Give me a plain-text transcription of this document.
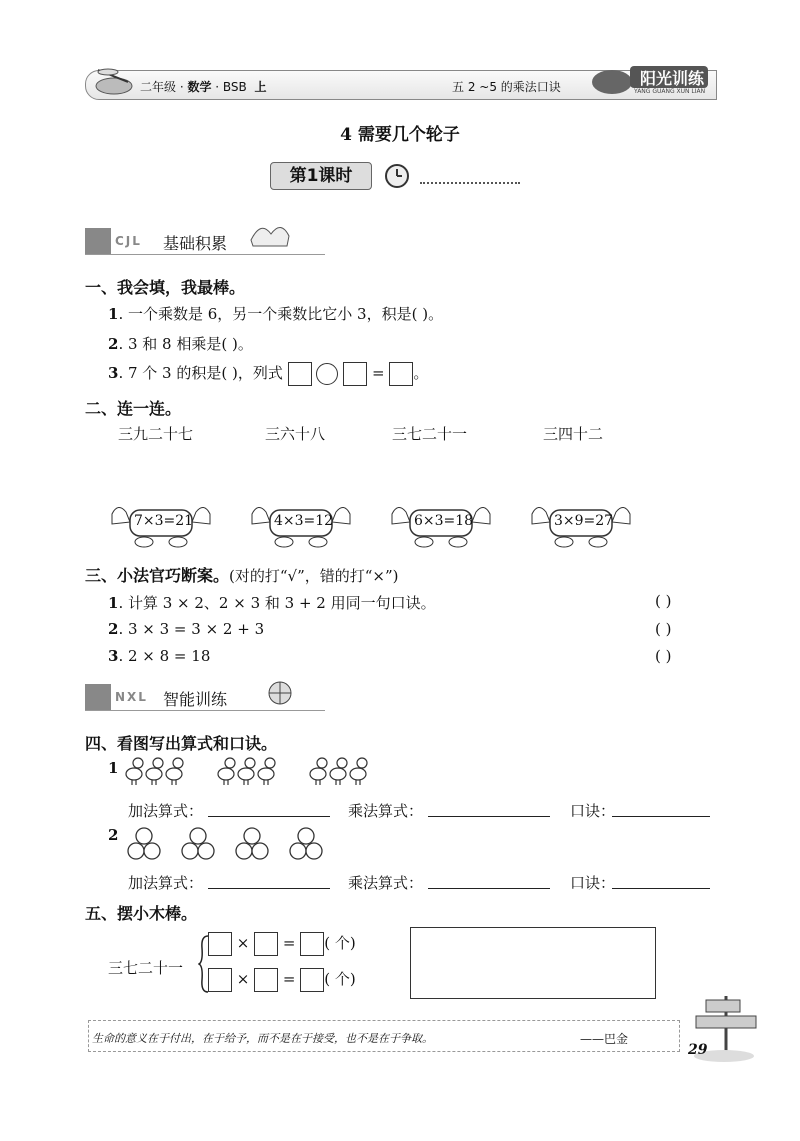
二年级 · 数学 · BSB 上	五 2 ~5 的乘法口诀	阳光训练
YANG GUANG XUN LIAN
4 需要几个轮子
第1课时
CJL 基础积累
一、我会填，我最棒。
1. 一个乘数是 6，另一个乘数比它小 3，积是( )。
2. 3 和 8 相乘是( )。
3. 7 个 3 的积是( )，列式	= 。
二、连一连。
三九二十七	三六十八	三七二十一	三四十二
7×3=21	4×3=12	6×3=18	3×9=27
三、小法官巧断案。(对的打“√”，错的打“×”)
1. 计算 3 × 2、2 × 3 和 3 + 2 用同一句口诀。	( )
2. 3 × 3 = 3 × 2 + 3	( )
3. 2 × 8 = 18	( )
NXL 智能训练
四、看图写出算式和口诀。
1
加法算式：	乘法算式：	口诀：
2
加法算式：	乘法算式：	口诀：
五、摆小木棒。
三七二十一
× = ( 个)
× = ( 个)
生命的意义在于付出，在于给予，而不是在于接受，也不是在于争取。	——巴金
29
